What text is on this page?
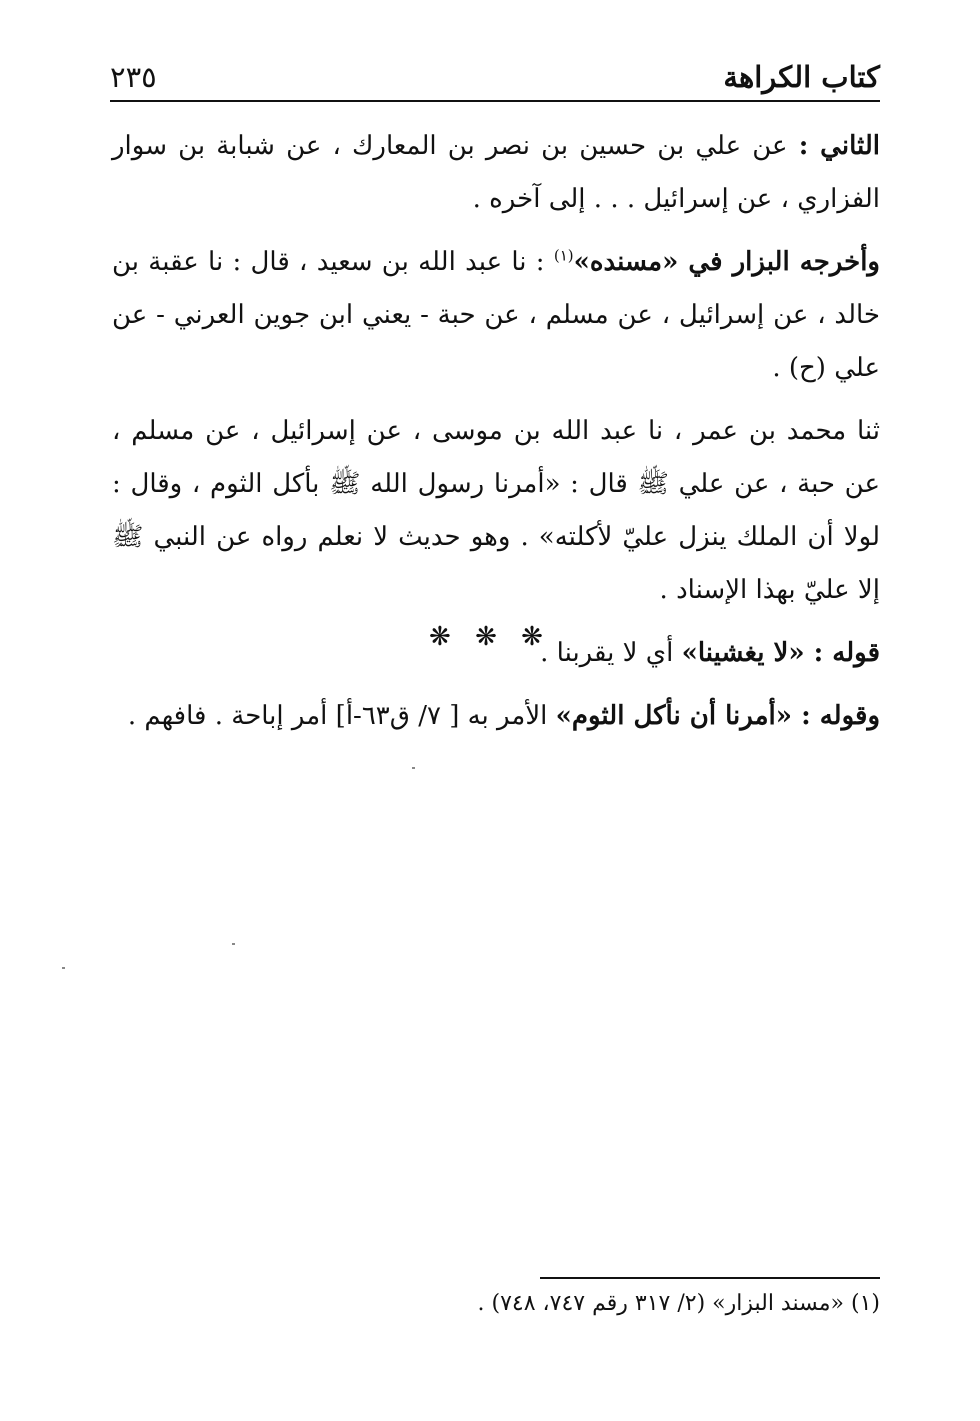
كتاب الكراهة
٢٣٥

الثاني : عن علي بن حسين بن نصر بن المعارك ، عن شبابة بن سوار الفزاري ، عن إسرائيل . . . إلى آخره .

وأخرجه البزار في «مسنده»$^{(١)}$ : نا عبد الله بن سعيد ، قال : نا عقبة بن خالد ، عن إسرائيل ، عن مسلم ، عن حبة - يعني ابن جوين العرني - عن علي (ح) .

ثنا محمد بن عمر ، نا عبد الله بن موسى ، عن إسرائيل ، عن مسلم ، عن حبة ، عن علي ﷺ قال : «أمرنا رسول الله ﷺ بأكل الثوم ، وقال : لولا أن الملك ينزل عليّ لأكلته» . وهو حديث لا نعلم رواه عن النبي ﷺ إلا عليّ بهذا الإسناد .

قوله : «لا يغشينا» أي لا يقربنا .

وقوله : «أمرنا أن نأكل الثوم» الأمر به [ ٧/ ق٦٣-أ] أمر إباحة . فافهم .

❋ ❋ ❋
(١) «مسند البزار» (٢/ ٣١٧ رقم ٧٤٧، ٧٤٨) .
